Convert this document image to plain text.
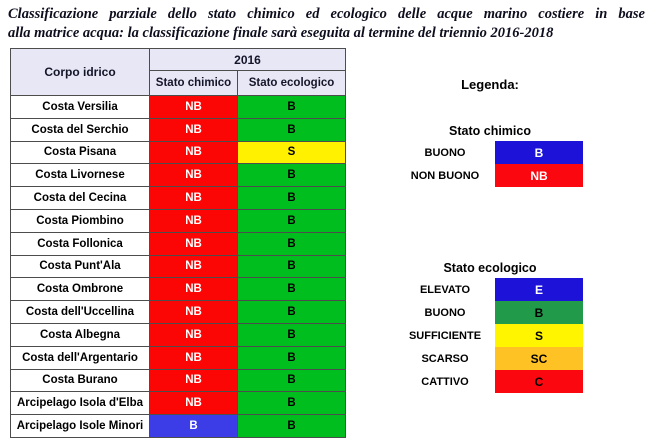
Classificazione parziale dello stato chimico ed ecologico delle acque marino costiere in base
alla matrice acqua: la classificazione finale sarà eseguita al termine del triennio 2016-2018
Corpo idrico
2016
Stato chimico	Stato ecologico
Costa Versilia	NB	B
Costa del Serchio	NB	B
Costa Pisana	NB	S
Costa Livornese	NB	B
Costa del Cecina	NB	B
Costa Piombino	NB	B
Costa Follonica	NB	B
Costa Punt'Ala	NB	B
Costa Ombrone	NB	B
Costa dell'Uccellina	NB	B
Costa Albegna	NB	B
Costa dell'Argentario	NB	B
Costa Burano	NB	B
Arcipelago Isola d'Elba	NB	B
Arcipelago Isole Minori	B	B
Legenda:
Stato chimico
BUONO	B
NON BUONO	NB
Stato ecologico
ELEVATO	E
BUONO	B
SUFFICIENTE	S
SCARSO	SC
CATTIVO	C
